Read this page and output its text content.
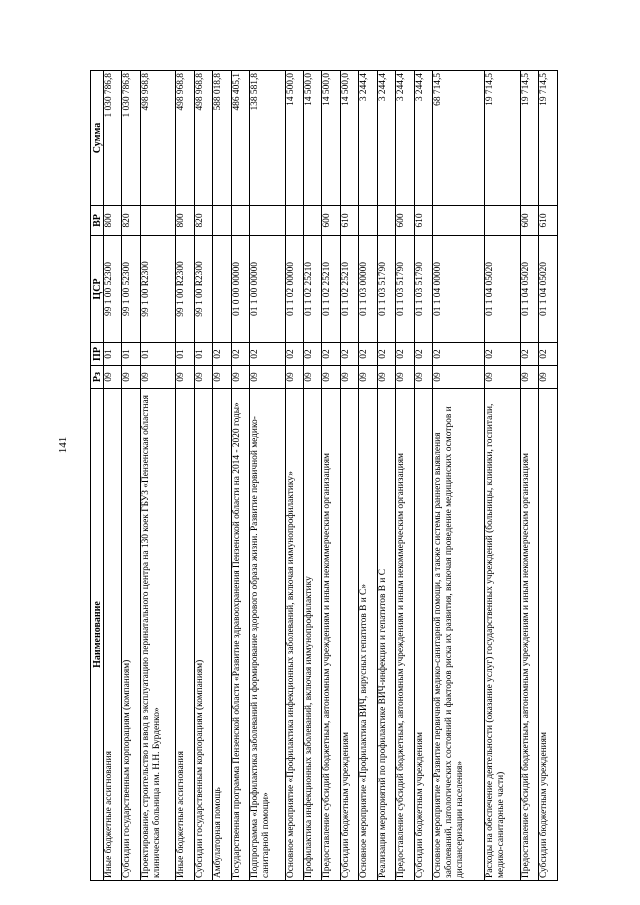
141
Наименование	Рз	ПР	ЦСР	ВР	Сумма
Иные бюджетные ассигнования	09	01	99 1 00 52300	800	1 030 786,8
Субсидии государственным корпорациям (компаниям)	09	01	99 1 00 52300	820	1 030 786,8
Проектирование, строительство и ввод в эксплуатацию перинатального центра на 130 коек ГБУЗ «Пензенская областная клиническая больница им. Н.Н. Бурденко»	09	01	99 1 00 R2300		498 968,8
Иные бюджетные ассигнования	09	01	99 1 00 R2300	800	498 968,8
Субсидии государственным корпорациям (компаниям)	09	01	99 1 00 R2300	820	498 968,8
Амбулаторная помощь	09	02			588 018,8
Государственная программа Пензенской области «Развитие здравоохранения Пензенской области на 2014 - 2020 годы»	09	02	01 0 00 00000		486 405,1
Подпрограмма «Профилактика заболеваний и формирование здорового образа жизни. Развитие первичной медико-санитарной помощи»	09	02	01 1 00 00000		138 581,8
Основное мероприятие «Профилактика инфекционных заболеваний, включая иммунопрофилактику»	09	02	01 1 02 00000		14 500,0
Профилактика инфекционных заболеваний, включая иммунопрофилактику	09	02	01 1 02 25210		14 500,0
Предоставление субсидий бюджетным, автономным учреждениям и иным некоммерческим организациям	09	02	01 1 02 25210	600	14 500,0
Субсидии бюджетным учреждениям	09	02	01 1 02 25210	610	14 500,0
Основное мероприятие «Профилактика ВИЧ, вирусных гепатитов В и С»	09	02	01 1 03 00000		3 244,4
Реализация мероприятий по профилактике ВИЧ-инфекции и гепатитов В и С	09	02	01 1 03 51790		3 244,4
Предоставление субсидий бюджетным, автономным учреждениям и иным некоммерческим организациям	09	02	01 1 03 51790	600	3 244,4
Субсидии бюджетным учреждениям	09	02	01 1 03 51790	610	3 244,4
Основное мероприятие «Развитие первичной медико-санитарной помощи, а также системы раннего выявления заболеваний, патологических состояний и факторов риска их развития, включая проведение медицинских осмотров и диспансеризации населения»	09	02	01 1 04 00000		68 714,5
Расходы на обеспечение деятельности (оказание услуг) государственных учреждений (больницы, клиники, госпитали, медико-санитарные части)	09	02	01 1 04 05020		19 714,5
Предоставление субсидий бюджетным, автономным учреждениям и иным некоммерческим организациям	09	02	01 1 04 05020	600	19 714,5
Субсидии бюджетным учреждениям	09	02	01 1 04 05020	610	19 714,5
